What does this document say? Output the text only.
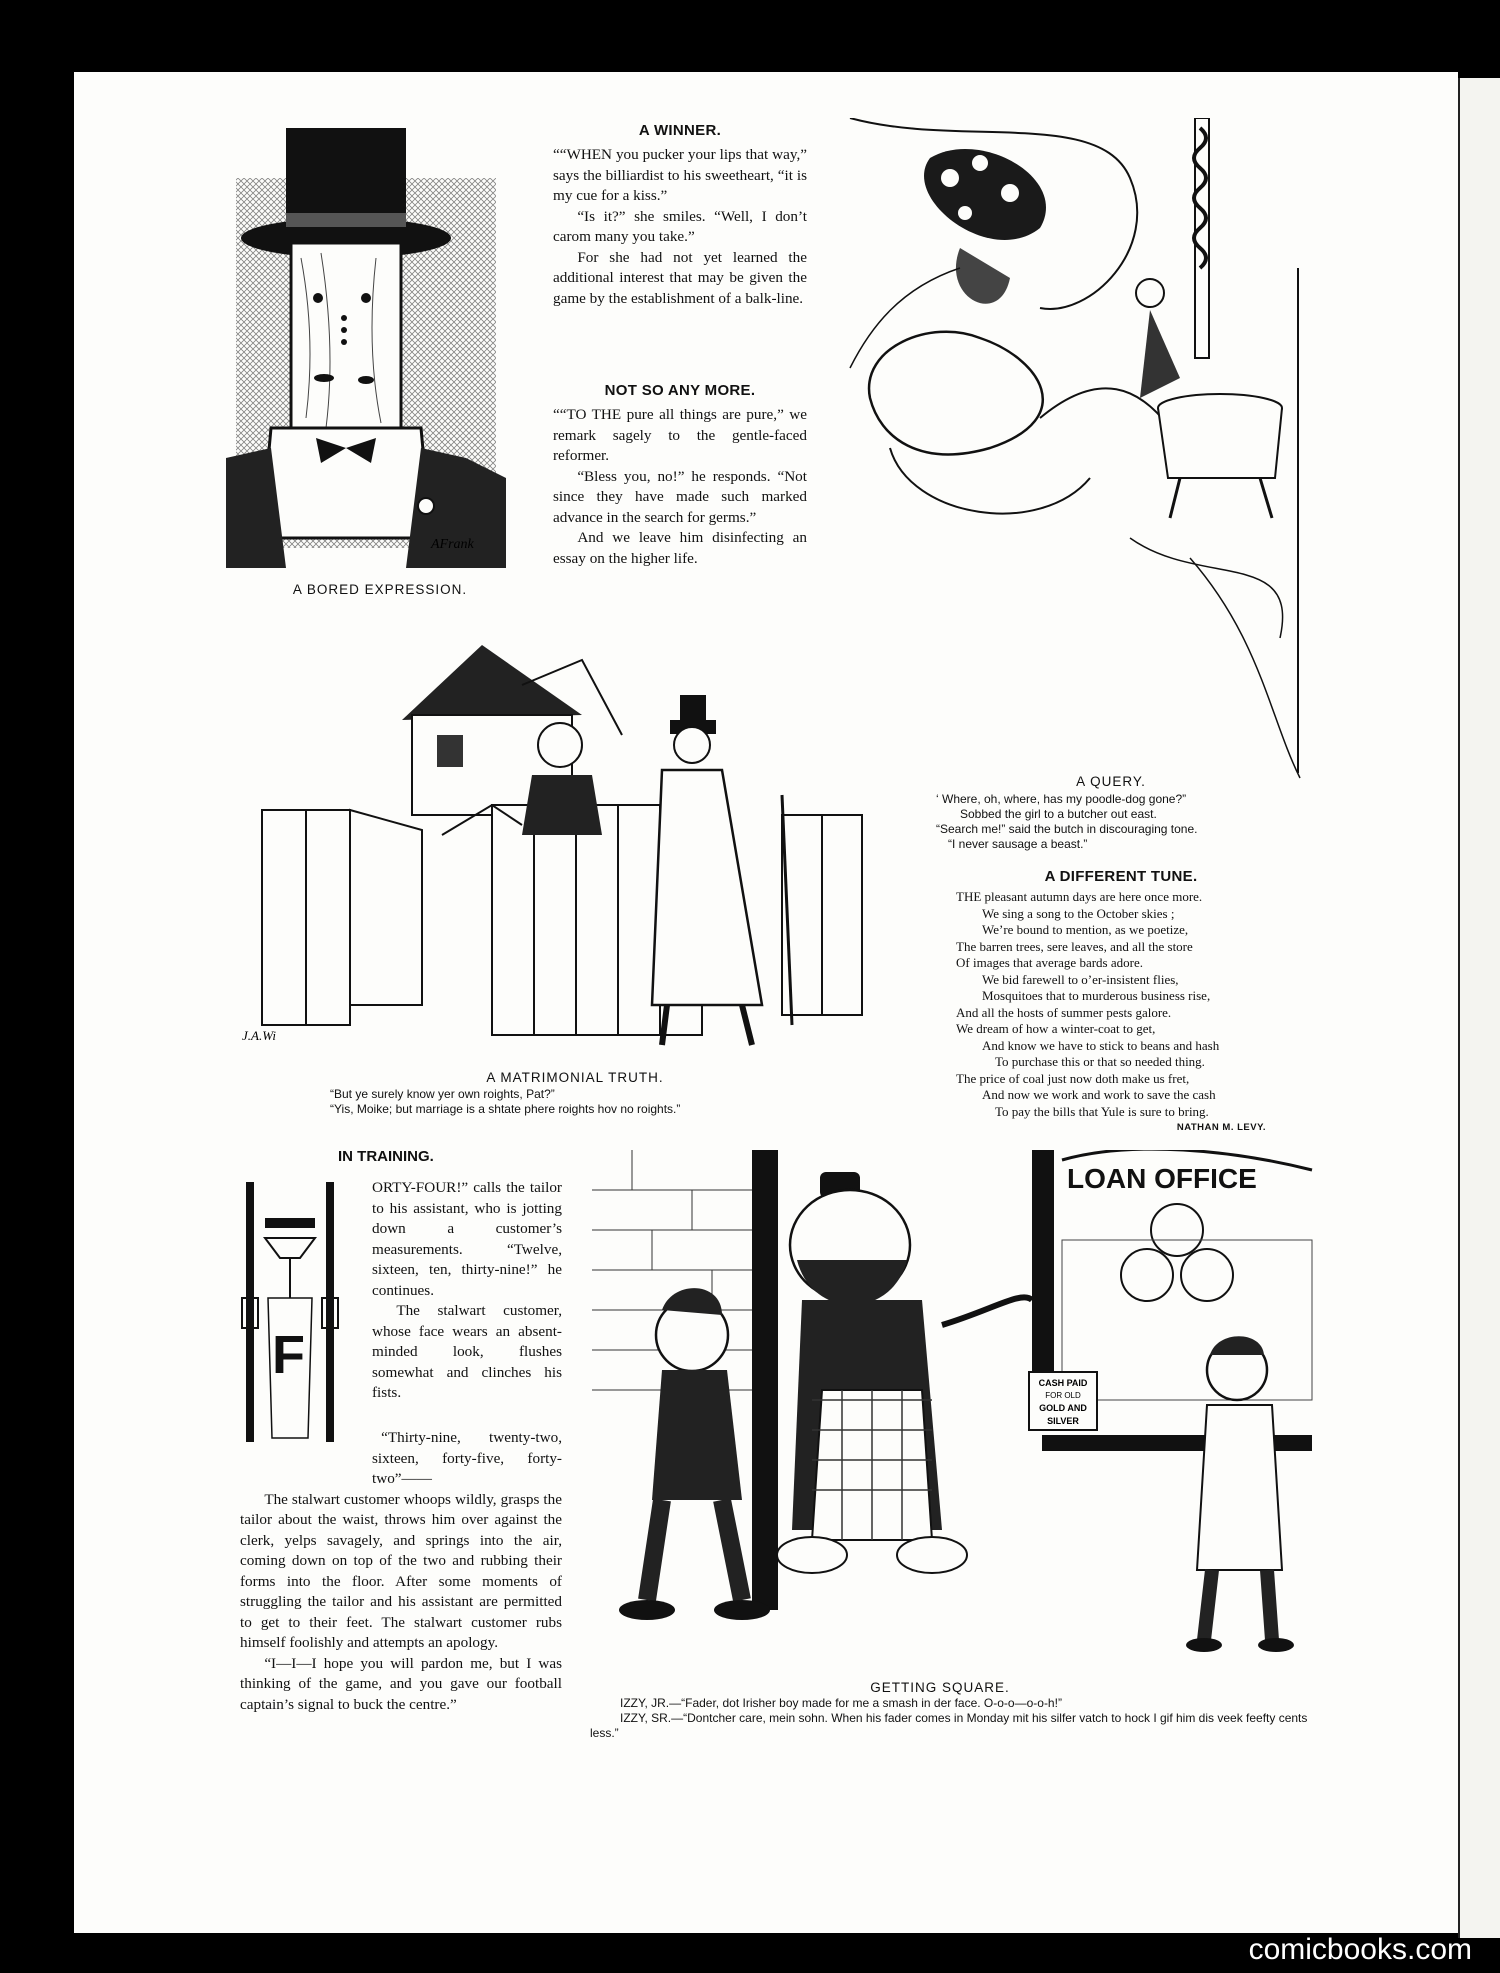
AFrank
A BORED EXPRESSION.
A WINNER.

““WHEN you pucker your lips that way,” says the billiardist to his sweetheart, “it is my cue for a kiss.”

“Is it?” she smiles. “Well, I don’t carom many you take.”

For she had not yet learned the additional interest that may be given the game by the establishment of a balk-line.

NOT SO ANY MORE.

““TO THE pure all things are pure,” we remark sagely to the gentle-faced reformer.

“Bless you, no!” he responds. “Not since they have made such marked advance in the search for germs.”

And we leave him disinfecting an essay on the higher life.

J.A.Wi
A MATRIMONIAL TRUTH.
“But ye surely know yer own roights, Pat?”
“Yis, Moike; but marriage is a shtate phere roights hov no roights.”
A QUERY.
‘ Where, oh, where, has my poodle-dog gone?”
Sobbed the girl to a butcher out east.
“Search me!” said the butch in discouraging tone.
“I never sausage a beast.”
A DIFFERENT TUNE.
THE pleasant autumn days are here once more.
We sing a song to the October skies ;
We’re bound to mention, as we poetize,
The barren trees, sere leaves, and all the store
Of images that average bards adore.
We bid farewell to o’er-insistent flies,
Mosquitoes that to murderous business rise,
And all the hosts of summer pests galore.
We dream of how a winter-coat to get,
And know we have to stick to beans and hash
To purchase this or that so needed thing.
The price of coal just now doth make us fret,
And now we work and work to save the cash
To pay the bills that Yule is sure to bring.
NATHAN M. LEVY.
IN TRAINING.
F

ORTY-FOUR!” calls the tailor to his assistant, who is jotting down a customer’s measurements. “Twelve, sixteen, ten, thirty-nine!” he continues.

The stalwart customer, whose face wears an absent-minded look, flushes somewhat and clinches his fists.

“Thirty-nine, twenty-two, sixteen, forty-five, forty-two”——

The stalwart customer whoops wildly, grasps the tailor about the waist, throws him over against the clerk, yelps savagely, and springs into the air, coming down on top of the two and rubbing their forms into the floor. After some moments of struggling the tailor and his assistant are permitted to get to their feet. The stalwart customer rubs himself foolishly and attempts an apology.

“I—I—I hope you will pardon me, but I was thinking of the game, and you gave our football captain’s signal to buck the centre.”

LOAN OFFICE
CASH PAID
FOR OLD
GOLD AND
SILVER
GETTING SQUARE.
IZZY, JR.—“Fader, dot Irisher boy made for me a smash in der face. O-o-o—o-o-h!”
IZZY, SR.—“Dontcher care, mein sohn. When his fader comes in Monday mit his silfer vatch to hock I gif him dis veek feefty cents less.”
comicbooks.com
